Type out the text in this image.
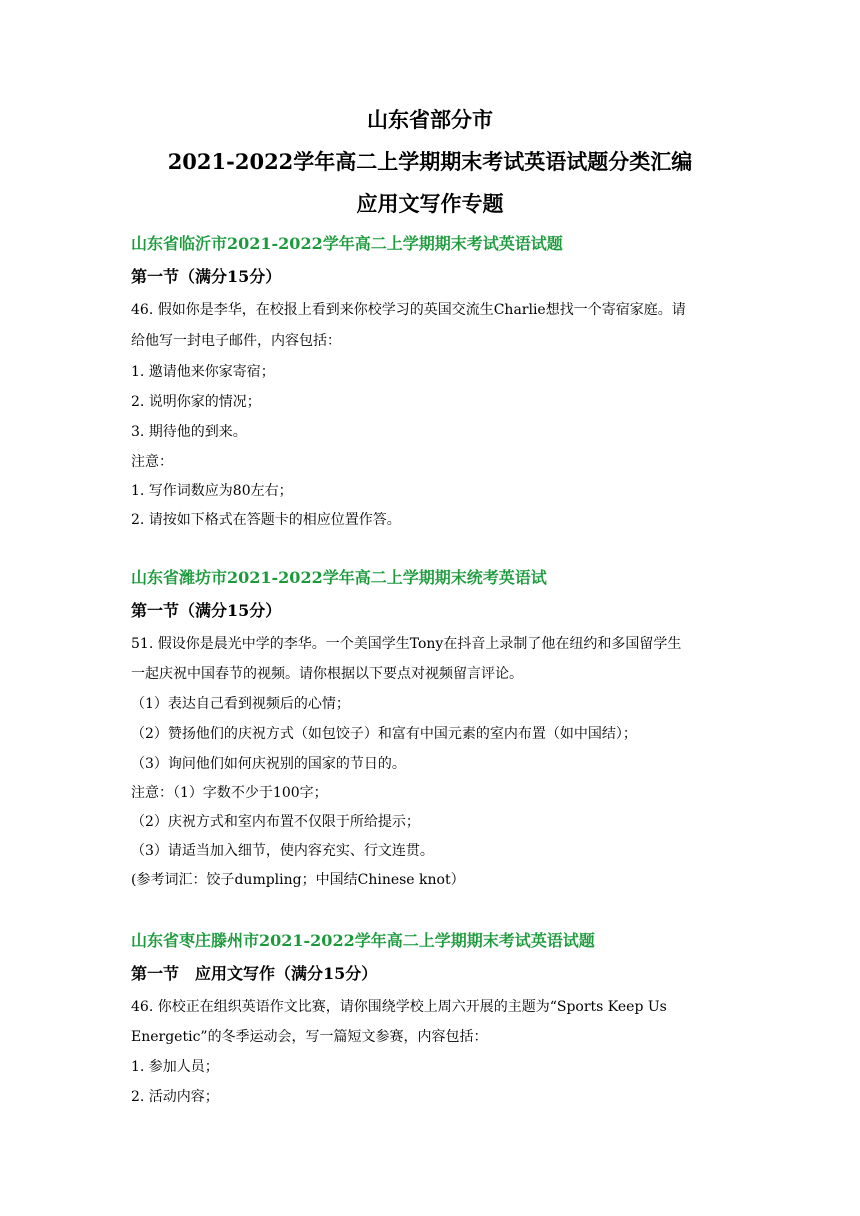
山东省部分市
2021-2022学年高二上学期期末考试英语试题分类汇编
应用文写作专题
山东省临沂市2021-2022学年高二上学期期末考试英语试题
第一节（满分15分）
46. 假如你是李华，在校报上看到来你校学习的英国交流生Charlie想找一个寄宿家庭。请
给他写一封电子邮件，内容包括：
1. 邀请他来你家寄宿；
2. 说明你家的情况；
3. 期待他的到来。
注意：
1. 写作词数应为80左右；
2. 请按如下格式在答题卡的相应位置作答。
山东省潍坊市2021-2022学年高二上学期期末统考英语试
第一节（满分15分）
51. 假设你是晨光中学的李华。一个美国学生Tony在抖音上录制了他在纽约和多国留学生
一起庆祝中国春节的视频。请你根据以下要点对视频留言评论。
（1）表达自己看到视频后的心情；
（2）赞扬他们的庆祝方式（如包饺子）和富有中国元素的室内布置（如中国结）；
（3）询问他们如何庆祝别的国家的节日的。
注意：（1）字数不少于100字；
（2）庆祝方式和室内布置不仅限于所给提示；
（3）请适当加入细节，使内容充实、行文连贯。
(参考词汇：饺子dumpling；中国结Chinese knot）
山东省枣庄滕州市2021-2022学年高二上学期期末考试英语试题
第一节　应用文写作（满分15分）
46. 你校正在组织英语作文比赛，请你围绕学校上周六开展的主题为“Sports Keep Us
Energetic”的冬季运动会，写一篇短文参赛，内容包括：
1. 参加人员；
2. 活动内容；
